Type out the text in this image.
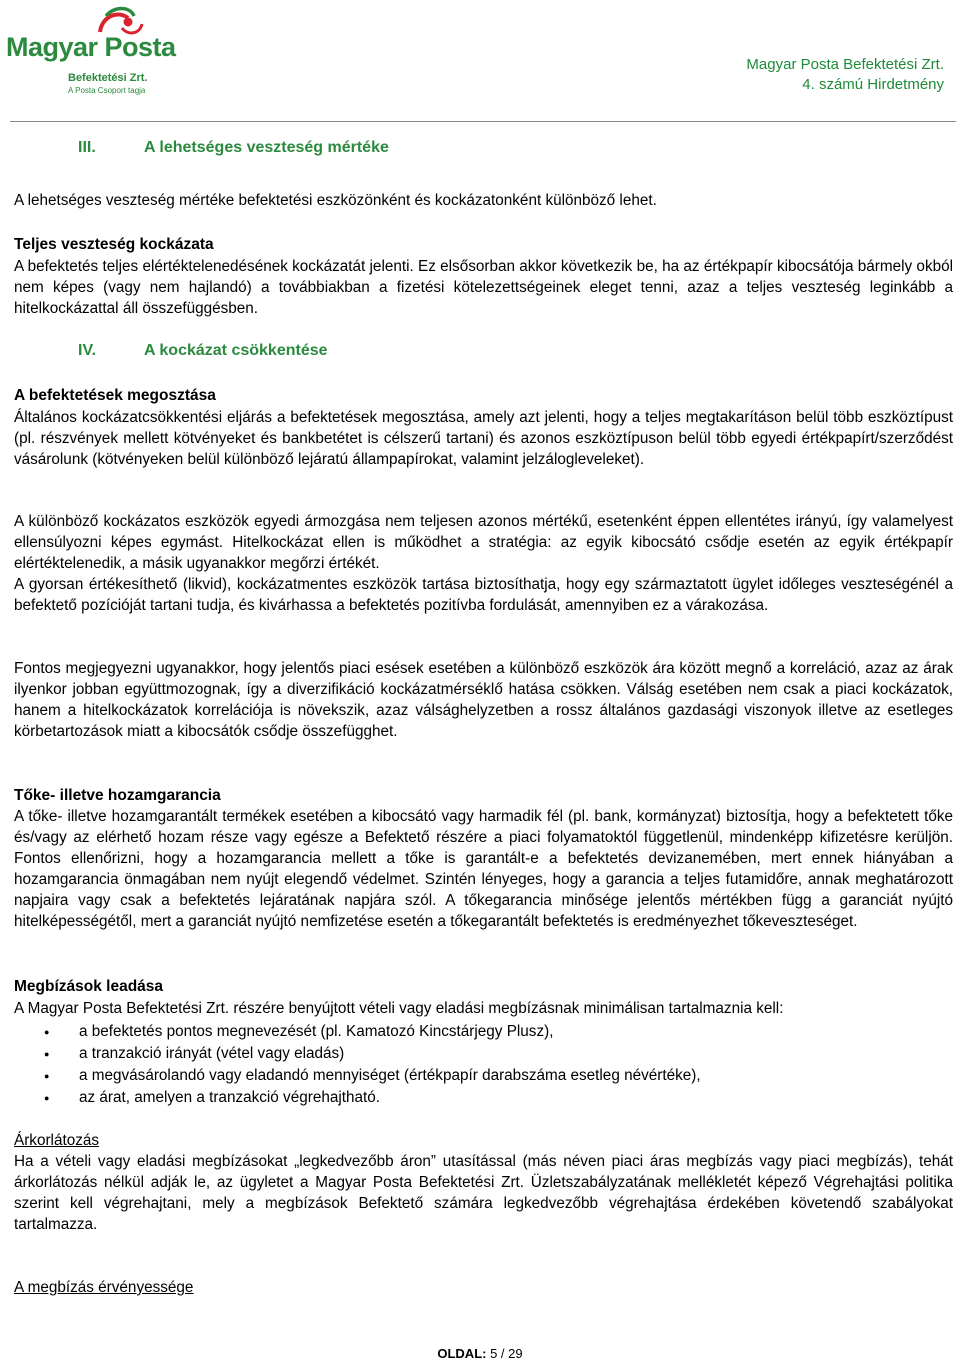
Magyar Posta
Befektetési Zrt.
A Posta Csoport tagja
Magyar Posta Befektetési Zrt.
4. számú Hirdetmény
III.	A lehetséges veszteség mértéke
A lehetséges veszteség mértéke befektetési eszközönként és kockázatonként különböző lehet.
Teljes veszteség kockázata
A befektetés teljes elértéktelenedésének kockázatát jelenti. Ez elsősorban akkor következik be, ha az értékpapír kibocsátója bármely okból nem képes (vagy nem hajlandó) a továbbiakban a fizetési kötelezettségeinek eleget tenni, azaz a teljes veszteség leginkább a hitelkockázattal áll összefüggésben.
IV.	A kockázat csökkentése
A befektetések megosztása
Általános kockázatcsökkentési eljárás a befektetések megosztása, amely azt jelenti, hogy a teljes megtakarításon belül több eszköztípust (pl. részvények mellett kötvényeket és bankbetétet is célszerű tartani) és azonos eszköztípuson belül több egyedi értékpapírt/szerződést vásárolunk (kötvényeken belül különböző lejáratú állampapírokat, valamint jelzálogleveleket).
A különböző kockázatos eszközök egyedi ármozgása nem teljesen azonos mértékű, esetenként éppen ellentétes irányú, így valamelyest ellensúlyozni képes egymást. Hitelkockázat ellen is működhet a stratégia: az egyik kibocsátó csődje esetén az egyik értékpapír elértéktelenedik, a másik ugyanakkor megőrzi értékét.
A gyorsan értékesíthető (likvid), kockázatmentes eszközök tartása biztosíthatja, hogy egy származtatott ügylet időleges veszteségénél a befektető pozícióját tartani tudja, és kivárhassa a befektetés pozitívba fordulását, amennyiben ez a várakozása.
Fontos megjegyezni ugyanakkor, hogy jelentős piaci esések esetében a különböző eszközök ára között megnő a korreláció, azaz az árak ilyenkor jobban együttmozognak, így a diverzifikáció kockázatmérséklő hatása csökken. Válság esetében nem csak a piaci kockázatok, hanem a hitelkockázatok korrelációja is növekszik, azaz válsághelyzetben a rossz általános gazdasági viszonyok illetve az esetleges körbetartozások miatt a kibocsátók csődje összefügghet.
Tőke- illetve hozamgarancia
A tőke- illetve hozamgarantált termékek esetében a kibocsátó vagy harmadik fél (pl. bank, kormányzat) biztosítja, hogy a befektetett tőke és/vagy az elérhető hozam része vagy egésze a Befektető részére a piaci folyamatoktól függetlenül, mindenképp kifizetésre kerüljön. Fontos ellenőrizni, hogy a hozamgarancia mellett a tőke is garantált-e a befektetés devizanemében, mert ennek hiányában a hozamgarancia önmagában nem nyújt elegendő védelmet. Szintén lényeges, hogy a garancia a teljes futamidőre, annak meghatározott napjaira vagy csak a befektetés lejáratának napjára szól. A tőkegarancia minősége jelentős mértékben függ a garanciát nyújtó hitelképességétől, mert a garanciát nyújtó nemfizetése esetén a tőkegarantált befektetés is eredményezhet tőkeveszteséget.
Megbízások leadása
A Magyar Posta Befektetési Zrt. részére benyújtott vételi vagy eladási megbízásnak minimálisan tartalmaznia kell:
● a befektetés pontos megnevezését (pl. Kamatozó Kincstárjegy Plusz),
● a tranzakció irányát (vétel vagy eladás)
● a megvásárolandó vagy eladandó mennyiséget (értékpapír darabszáma esetleg névértéke),
● az árat, amelyen a tranzakció végrehajtható.
Árkorlátozás
Ha a vételi vagy eladási megbízásokat „legkedvezőbb áron” utasítással (más néven piaci áras megbízás vagy piaci megbízás), tehát árkorlátozás nélkül adják le, az ügyletet a Magyar Posta Befektetési Zrt. Üzletszabályzatának mellékletét képező Végrehajtási politika szerint kell végrehajtani, mely a megbízások Befektető számára legkedvezőbb végrehajtása érdekében követendő szabályokat tartalmazza.
A megbízás érvényessége
OLDAL: 5 / 29
